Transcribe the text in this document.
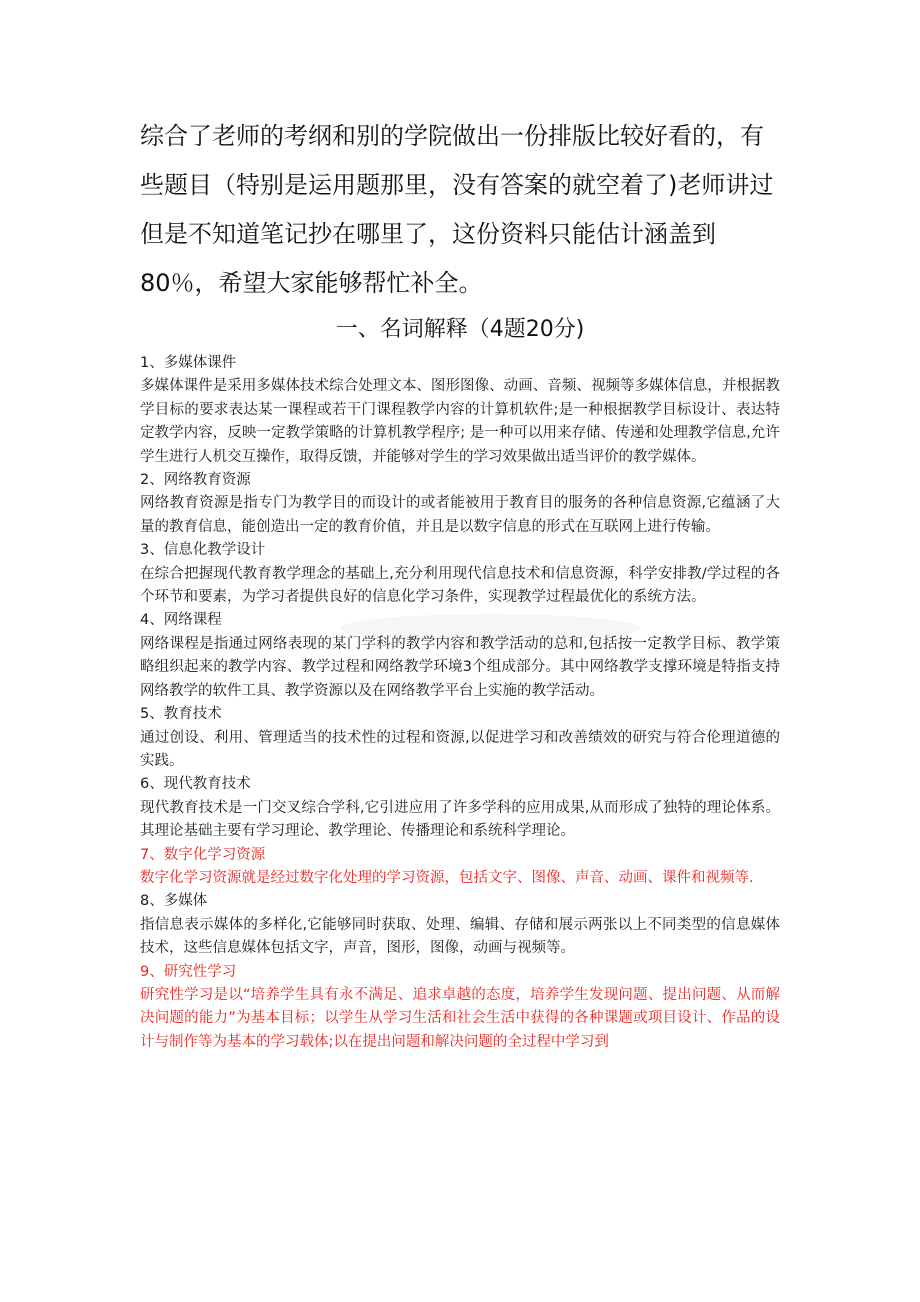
综合了老师的考纲和别的学院做出一份排版比较好看的，有些题目（特别是运用题那里，没有答案的就空着了)老师讲过但是不知道笔记抄在哪里了，这份资料只能估计涵盖到80％，希望大家能够帮忙补全。

一、名词解释（4题20分)
1、多媒体课件
多媒体课件是采用多媒体技术综合处理文本、图形图像、动画、音频、视频等多媒体信息，并根据教学目标的要求表达某一课程或若干门课程教学内容的计算机软件;是一种根据教学目标设计、表达特定教学内容，反映一定教学策略的计算机教学程序; 是一种可以用来存储、传递和处理教学信息,允许学生进行人机交互操作，取得反馈，并能够对学生的学习效果做出适当评价的教学媒体。
2、网络教育资源
网络教育资源是指专门为教学目的而设计的或者能被用于教育目的服务的各种信息资源,它蕴涵了大量的教育信息，能创造出一定的教育价值，并且是以数字信息的形式在互联网上进行传输。
3、信息化教学设计
在综合把握现代教育教学理念的基础上,充分利用现代信息技术和信息资源，科学安排教/学过程的各个环节和要素，为学习者提供良好的信息化学习条件，实现教学过程最优化的系统方法。
4、网络课程
网络课程是指通过网络表现的某门学科的教学内容和教学活动的总和,包括按一定教学目标、教学策略组织起来的教学内容、教学过程和网络教学环境3个组成部分。其中网络教学支撑环境是特指支持网络教学的软件工具、教学资源以及在网络教学平台上实施的教学活动。
5、教育技术
通过创设、利用、管理适当的技术性的过程和资源,以促进学习和改善绩效的研究与符合伦理道德的实践。
6、现代教育技术
现代教育技术是一门交叉综合学科,它引进应用了许多学科的应用成果,从而形成了独特的理论体系。其理论基础主要有学习理论、教学理论、传播理论和系统科学理论。
7、数字化学习资源
数字化学习资源就是经过数字化处理的学习资源，包括文字、图像、声音、动画、课件和视频等.
8、多媒体
指信息表示媒体的多样化,它能够同时获取、处理、编辑、存储和展示两张以上不同类型的信息媒体技术，这些信息媒体包括文字，声音，图形，图像，动画与视频等。
9、研究性学习
研究性学习是以“培养学生具有永不满足、追求卓越的态度，培养学生发现问题、提出问题、从而解决问题的能力”为基本目标；以学生从学习生活和社会生活中获得的各种课题或项目设计、作品的设计与制作等为基本的学习载体;以在提出问题和解决问题的全过程中学习到
